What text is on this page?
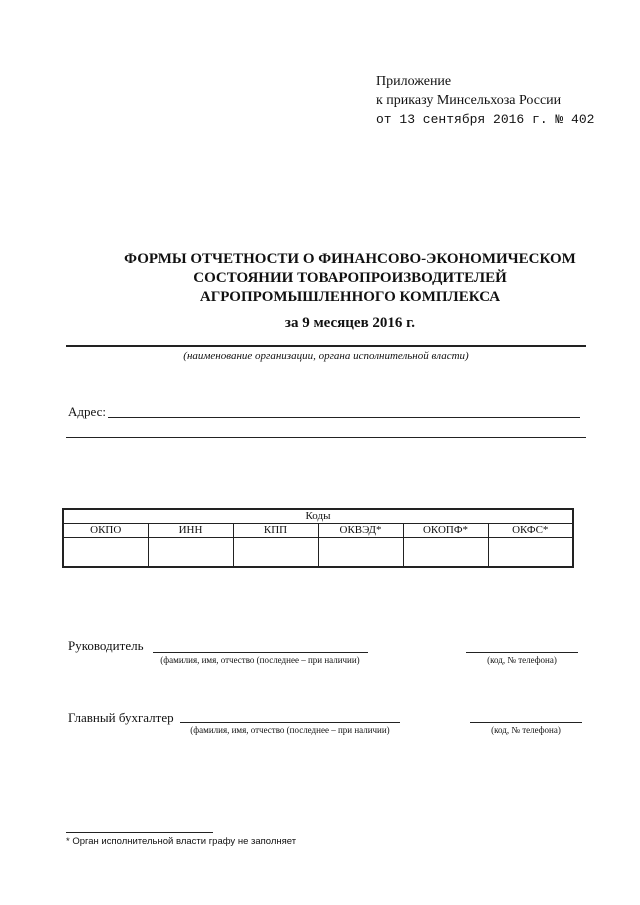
Приложение
к приказу Минсельхоза России
от 13 сентября 2016 г. № 402
ФОРМЫ ОТЧЕТНОСТИ О ФИНАНСОВО-ЭКОНОМИЧЕСКОМ
СОСТОЯНИИ ТОВАРОПРОИЗВОДИТЕЛЕЙ
АГРОПРОМЫШЛЕННОГО КОМПЛЕКСА
за 9 месяцев 2016 г.
(наименование организации, органа исполнительной власти)
Адрес:
Коды					
ОКПО	ИНН	КПП	ОКВЭД*	ОКОПФ*	ОКФС*

Руководитель
(фамилия, имя, отчество (последнее – при наличии)	(код, № телефона)
Главный бухгалтер
(фамилия, имя, отчество (последнее – при наличии)	(код, № телефона)
* Орган исполнительной власти графу не заполняет
